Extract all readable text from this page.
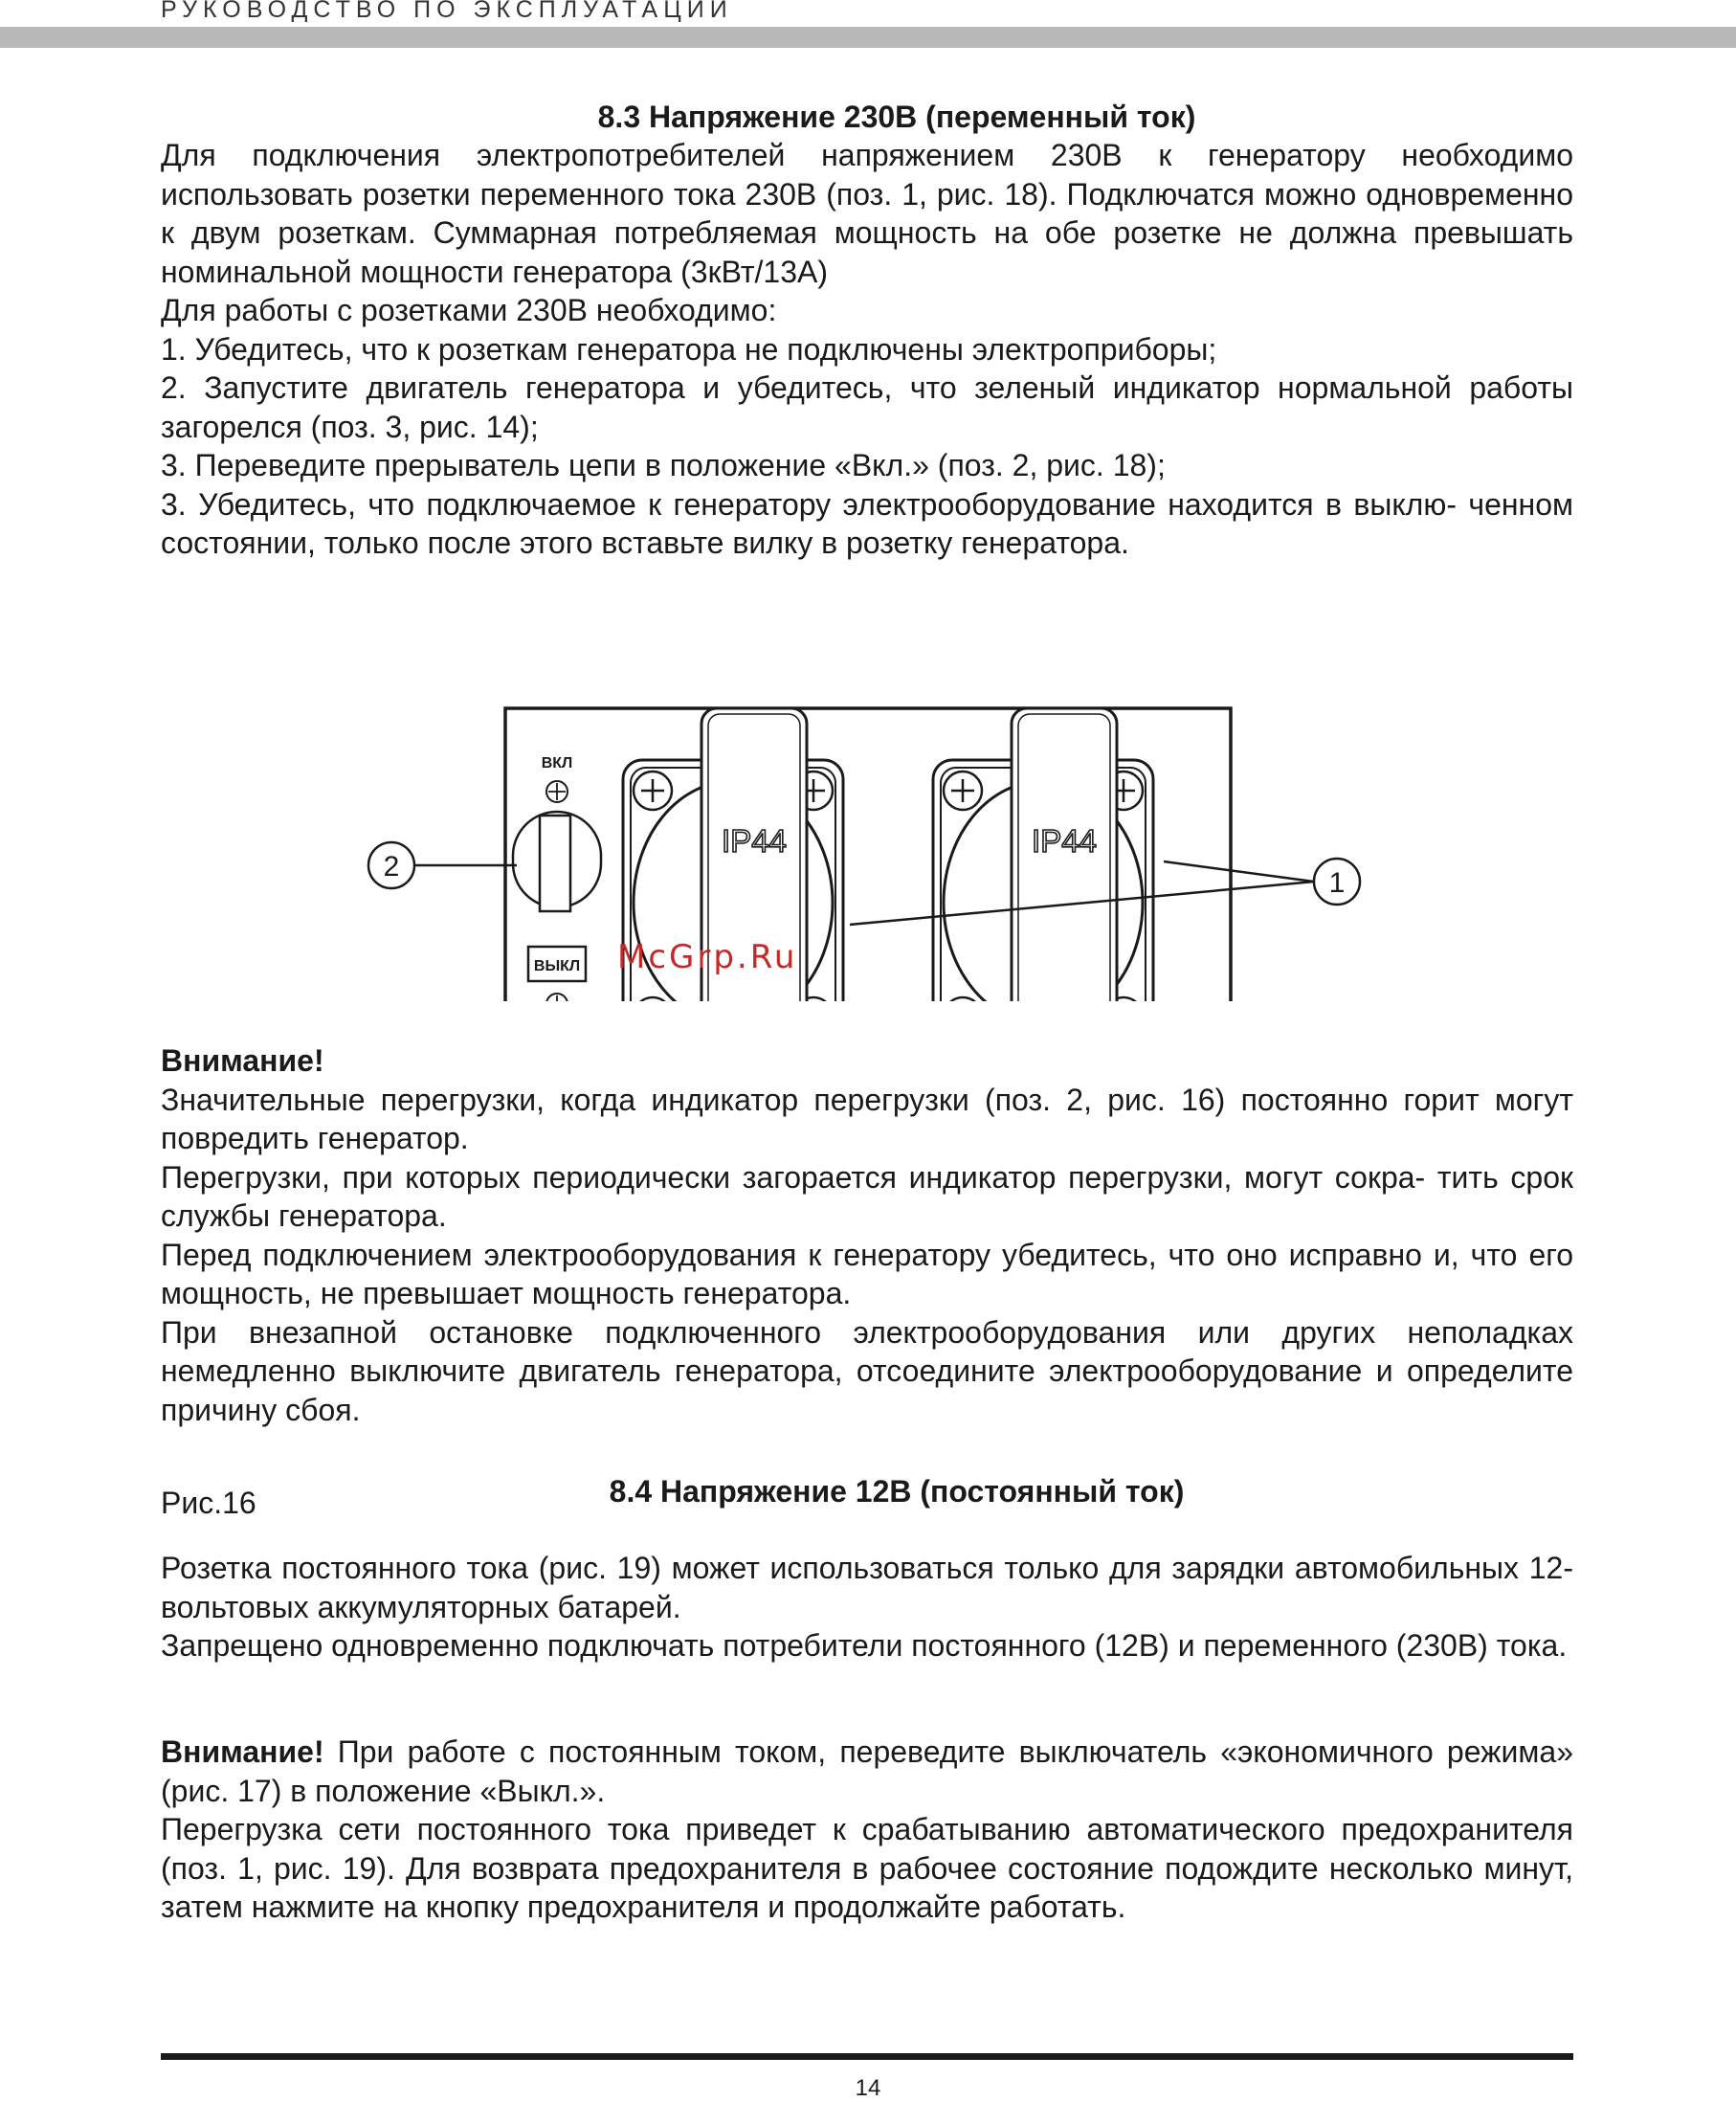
РУКОВОДСТВО ПО ЭКСПЛУАТАЦИИ
8.3 Напряжение 230В (переменный ток)

Для подключения электропотребителей напряжением 230В к генератору необходимо использовать розетки переменного тока 230В (поз. 1, рис. 18). Подключатся можно одновременно к двум розеткам. Суммарная потребляемая мощность на обе розетке не должна превышать номинальной мощности генератора (3кВт/13А)

Для работы с розетками 230В необходимо:

1. Убедитесь, что к розеткам генератора не подключены электроприборы;

2. Запустите двигатель генератора и убедитесь, что зеленый индикатор нормальной работы загорелся (поз. 3, рис. 14);

3. Переведите прерыватель цепи в положение «Вкл.» (поз. 2, рис. 18);

3. Убедитесь, что подключаемое к генератору электрооборудование находится в выклю- ченном состоянии, только после этого вставьте вилку в розетку генератора.

ВКЛ
ВЫКЛ
IP44	IP44
2
1
Рис.16

Внимание!

Значительные перегрузки, когда индикатор перегрузки (поз. 2, рис. 16) постоянно горит могут повредить генератор.

Перегрузки, при которых периодически загорается индикатор перегрузки, могут сокра- тить срок службы генератора.

Перед подключением электрооборудования к генератору убедитесь, что оно исправно и, что его мощность, не превышает мощность генератора.

При внезапной остановке подключенного электрооборудования или других неполадках немедленно выключите двигатель генератора, отсоедините электрооборудование и определите причину сбоя.

8.4 Напряжение 12В (постоянный ток)

Розетка постоянного тока (рис. 19) может использоваться только для зарядки автомобильных 12-вольтовых аккумуляторных батарей.

Запрещено одновременно подключать потребители постоянного (12В) и переменного (230В) тока.

Внимание! При работе с постоянным током, переведите выключатель «экономичного режима» (рис. 17) в положение «Выкл.».

Перегрузка сети постоянного тока приведет к срабатыванию автоматического предохранителя (поз. 1, рис. 19). Для возврата предохранителя в рабочее состояние подождите несколько минут, затем нажмите на кнопку предохранителя и продолжайте работать.

McGrp.Ru
14
